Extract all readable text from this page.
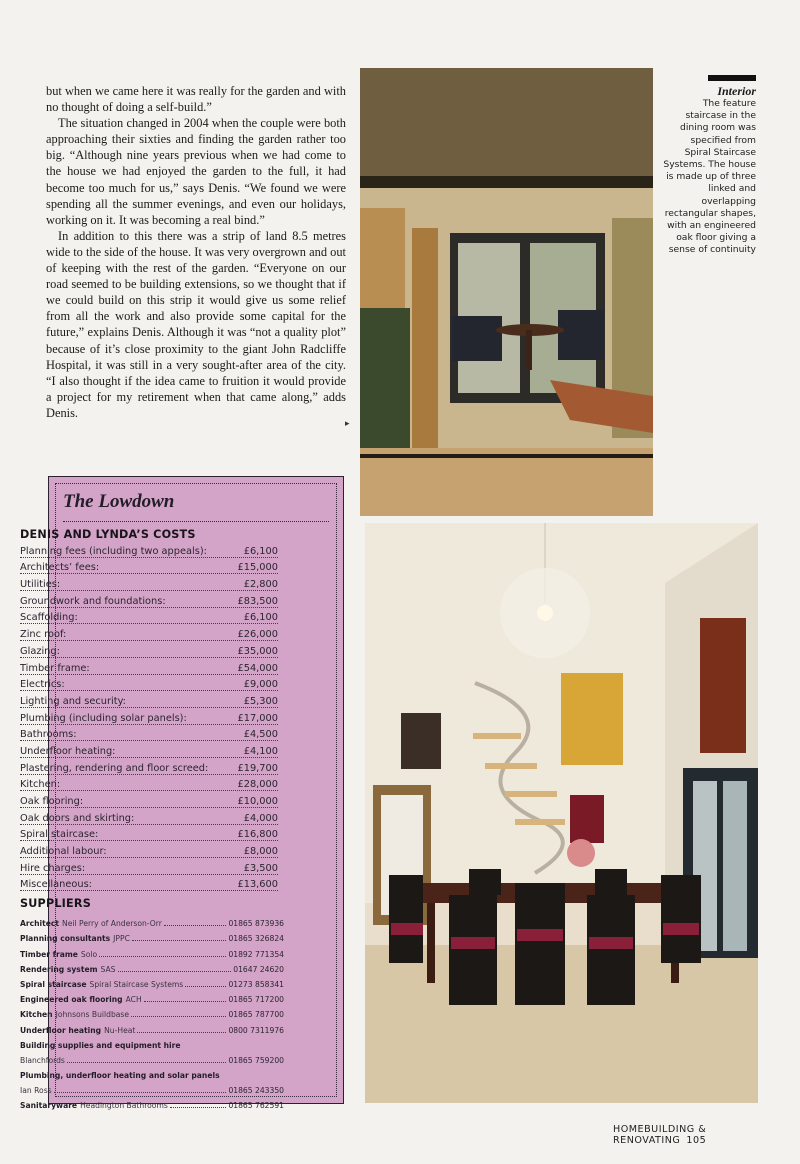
but when we came here it was really for the garden and with no thought of doing a self-build.”

The situation changed in 2004 when the couple were both approaching their sixties and finding the garden rather too big. “Although nine years previous when we had come to the house we had enjoyed the garden to the full, it had become too much for us,” says Denis. “We found we were spending all the summer evenings, and even our holidays, working on it. It was becoming a real bind.”

In addition to this there was a strip of land 8.5 metres wide to the side of the house. It was very overgrown and out of keeping with the rest of the garden. “Everyone on our road seemed to be building extensions, so we thought that if we could build on this strip it would give us some relief from all the work and also provide some capital for the future,” explains Denis. Although it was “not a quality plot” because of it’s close proximity to the giant John Radcliffe Hospital, it was still in a very sought-after area of the city. “I also thought if the idea came to fruition it would provide a project for my retirement when that came along,” adds Denis.

▸
Interior
The feature staircase in the dining room was specified from Spiral Staircase Systems. The house is made up of three linked and overlapping rectangular shapes, with an engineered oak floor giving a sense of continuity
The Lowdown
DENIS AND LYNDA’S COSTS
Planning fees (including two appeals):	£6,100
Architects’ fees:	£15,000
Utilities:	£2,800
Groundwork and foundations:	£83,500
Scaffolding:	£6,100
Zinc roof:	£26,000
Glazing:	£35,000
Timber frame:	£54,000
Electrics:	£9,000
Lighting and security:	£5,300
Plumbing (including solar panels):	£17,000
Bathrooms:	£4,500
Underfloor heating:	£4,100
Plastering, rendering and floor screed:	£19,700
Kitchen:	£28,000
Oak flooring:	£10,000
Oak doors and skirting:	£4,000
Spiral staircase:	£16,800
Additional labour:	£8,000
Hire charges:	£3,500
Miscellaneous:	£13,600
SUPPLIERS
Architect Neil Perry of Anderson-Orr	01865 873936
Planning consultants JPPC	01865 326824
Timber frame Solo	01892 771354
Rendering system SAS	01647 24620
Spiral staircase Spiral Staircase Systems	01273 858341
Engineered oak flooring ACH	01865 717200
Kitchen Johnsons Buildbase	01865 787700
Underfloor heating Nu-Heat	0800 7311976
Building supplies and equipment hire
Blanchfords	01865 759200
Plumbing, underfloor heating and solar panels
Ian Ross	01865 243350
Sanitaryware Headington Bathrooms	01865 762591
HOMEBUILDING & RENOVATING 105
